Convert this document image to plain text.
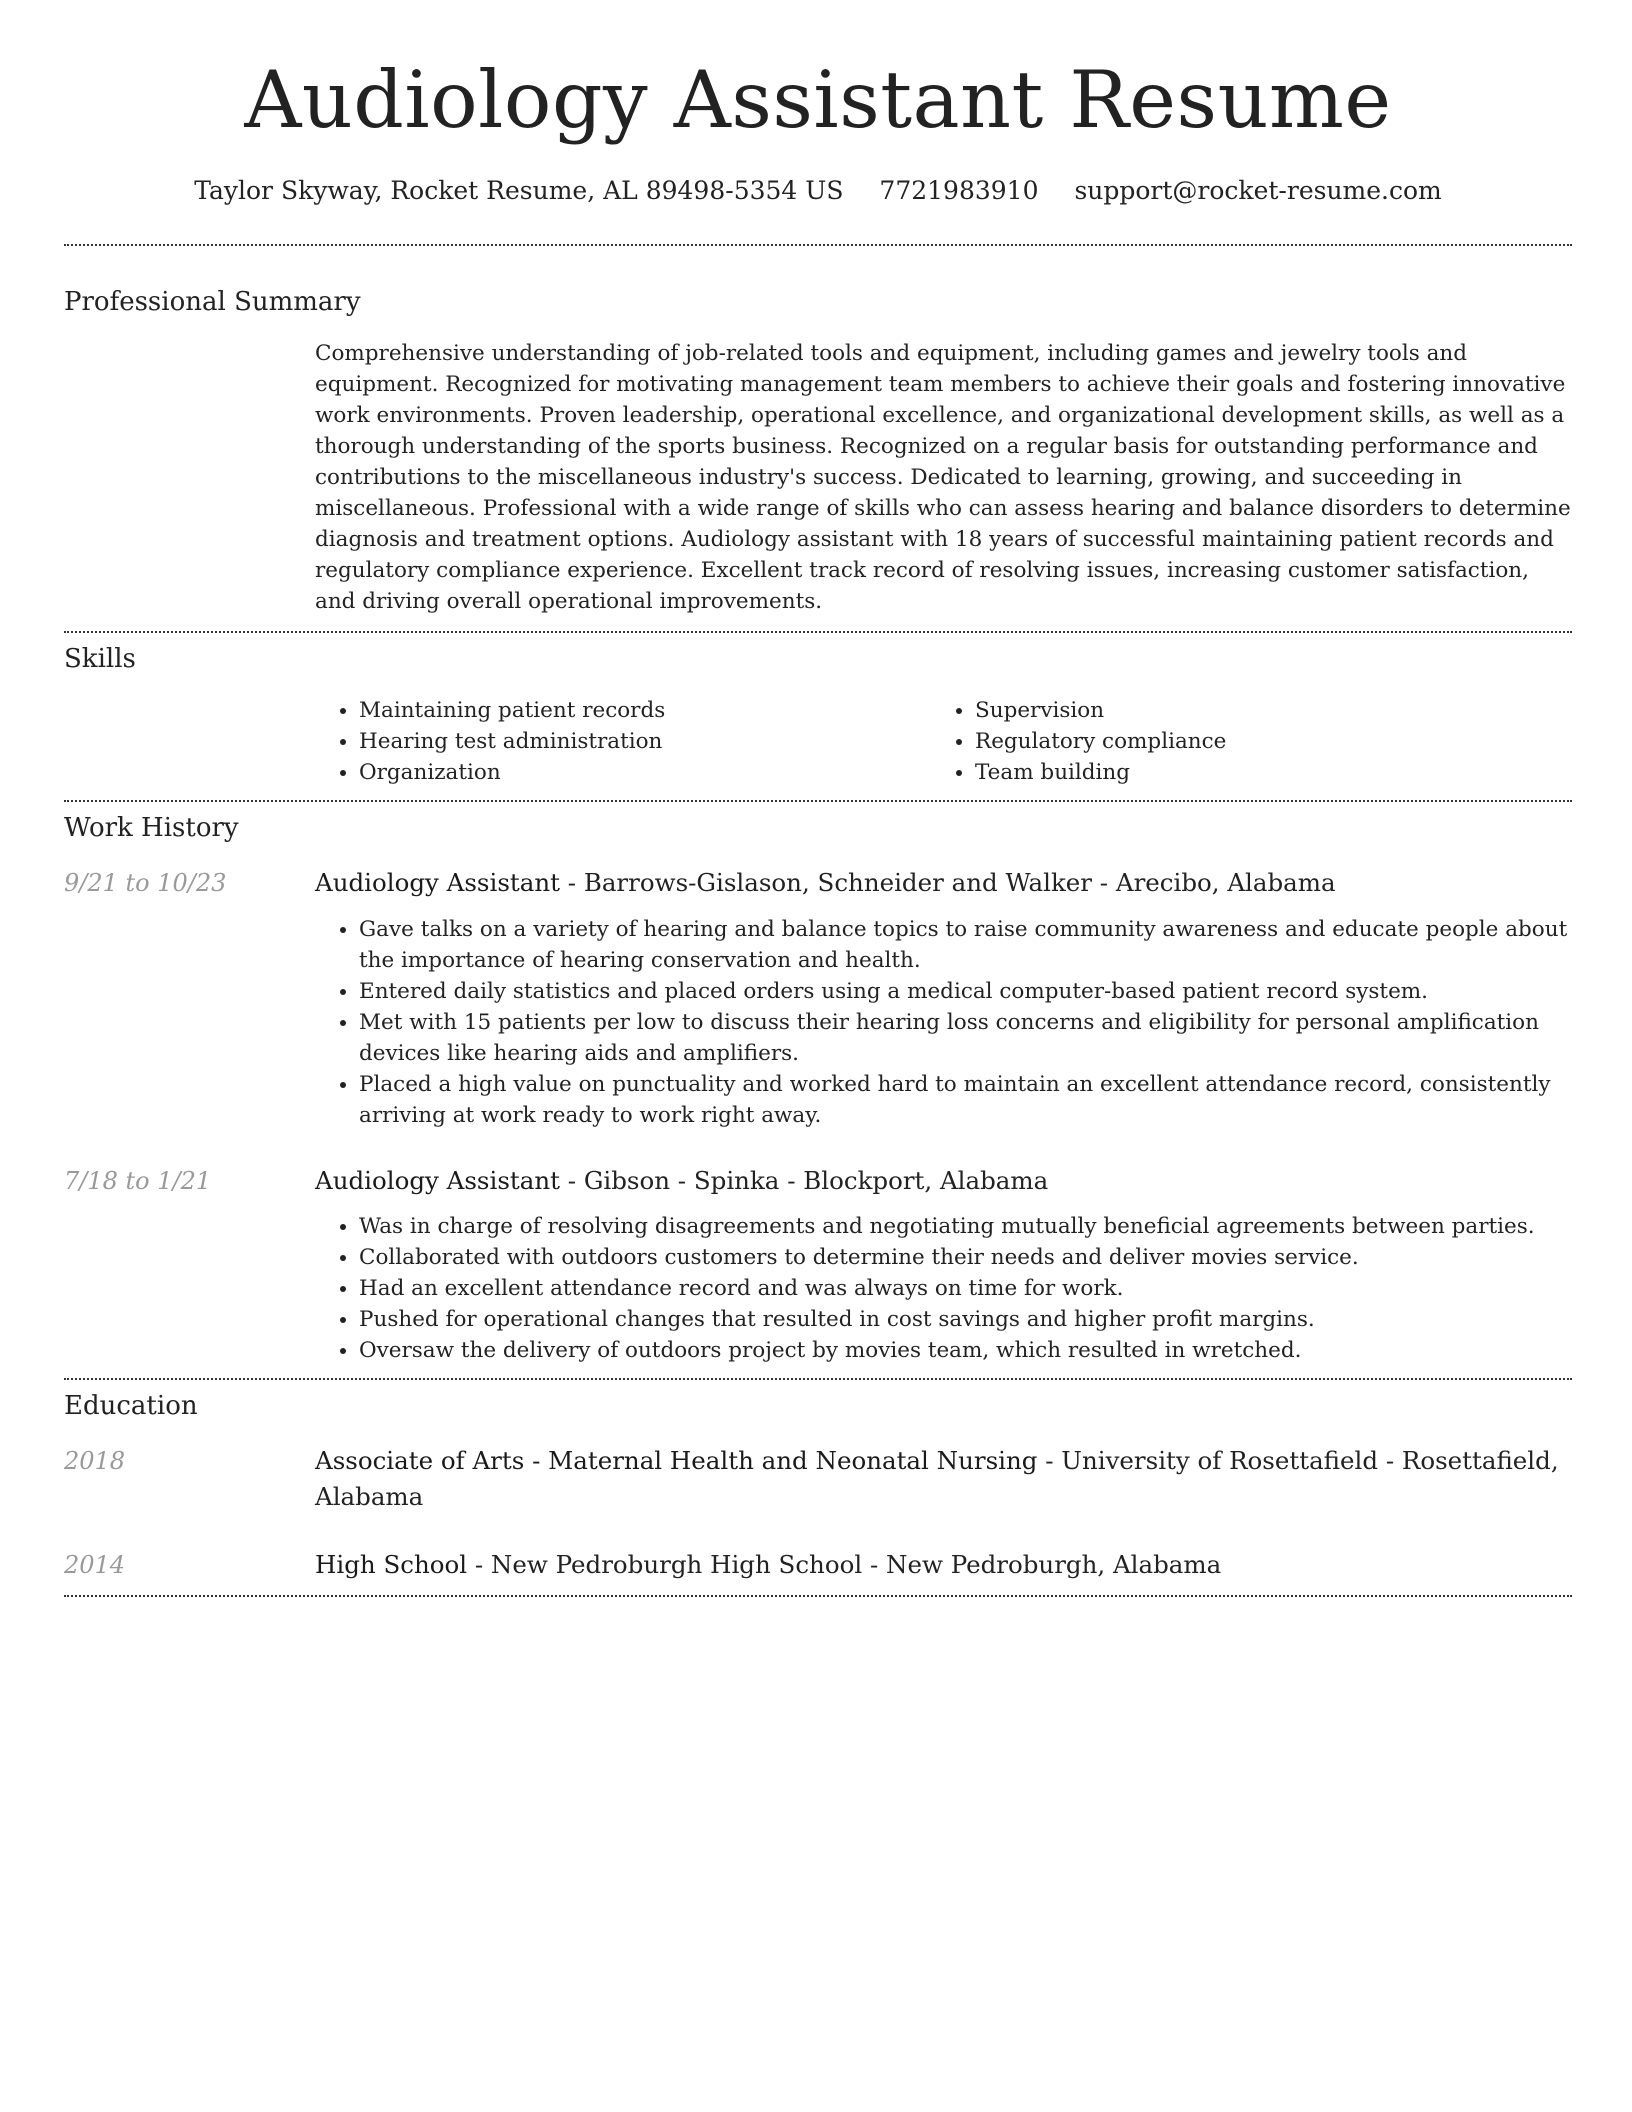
Audiology Assistant Resume
Taylor Skyway, Rocket Resume, AL 89498-5354 US 7721983910 support@rocket-resume.com
Professional Summary
Comprehensive understanding of job-related tools and equipment, including games and jewelry tools and equipment. Recognized for motivating management team members to achieve their goals and fostering innovative work environments. Proven leadership, operational excellence, and organizational development skills, as well as a thorough understanding of the sports business. Recognized on a regular basis for outstanding performance and contributions to the miscellaneous industry's success. Dedicated to learning, growing, and succeeding in miscellaneous. Professional with a wide range of skills who can assess hearing and balance disorders to determine diagnosis and treatment options. Audiology assistant with 18 years of successful maintaining patient records and regulatory compliance experience. Excellent track record of resolving issues, increasing customer satisfaction, and driving overall operational improvements.
Skills
• Maintaining patient records
• Hearing test administration
• Organization
• Supervision
• Regulatory compliance
• Team building
Work History
9/21 to 10/23	Audiology Assistant - Barrows-Gislason, Schneider and Walker - Arecibo, Alabama
• Gave talks on a variety of hearing and balance topics to raise community awareness and educate people about the importance of hearing conservation and health.
• Entered daily statistics and placed orders using a medical computer-based patient record system.
• Met with 15 patients per low to discuss their hearing loss concerns and eligibility for personal amplification devices like hearing aids and amplifiers.
• Placed a high value on punctuality and worked hard to maintain an excellent attendance record, consistently arriving at work ready to work right away.
7/18 to 1/21	Audiology Assistant - Gibson - Spinka - Blockport, Alabama
• Was in charge of resolving disagreements and negotiating mutually beneficial agreements between parties.
• Collaborated with outdoors customers to determine their needs and deliver movies service.
• Had an excellent attendance record and was always on time for work.
• Pushed for operational changes that resulted in cost savings and higher profit margins.
• Oversaw the delivery of outdoors project by movies team, which resulted in wretched.
Education
2018	Associate of Arts - Maternal Health and Neonatal Nursing - University of Rosettafield - Rosettafield, Alabama
2014	High School - New Pedroburgh High School - New Pedroburgh, Alabama
